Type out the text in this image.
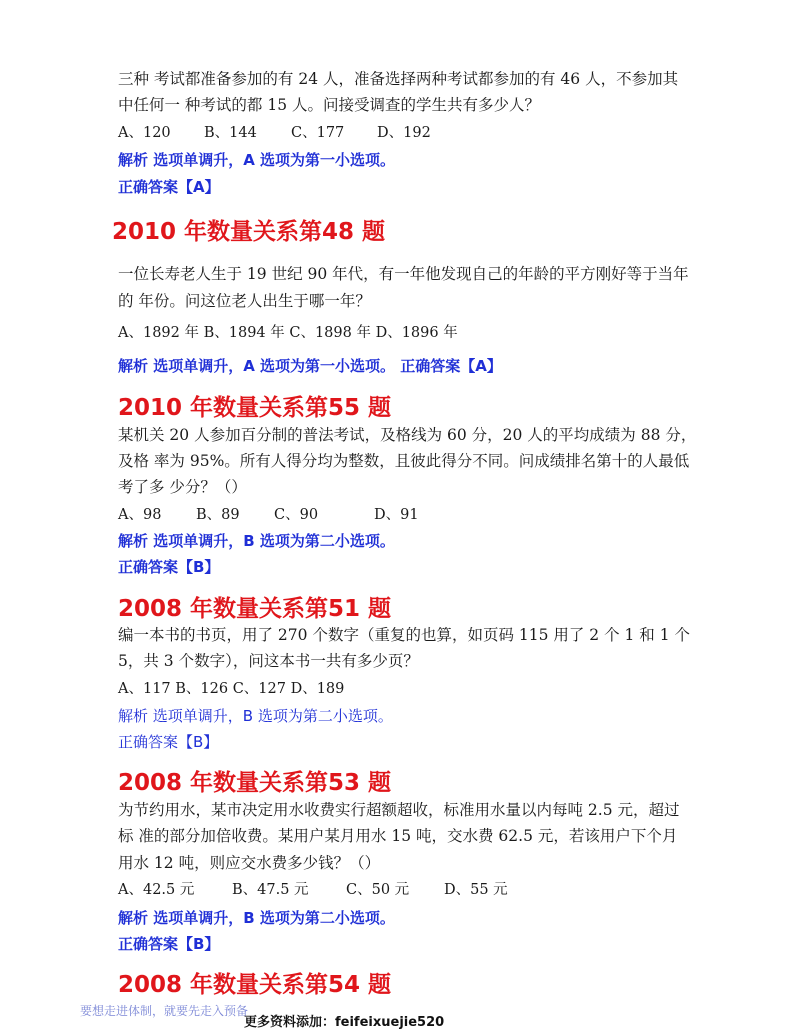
三种 考试都准备参加的有 24 人，准备选择两种考试都参加的有 46 人，不参加其
中任何一 种考试的都 15 人。问接受调查的学生共有多少人？
A、120 B、144 C、177 D、192
解析 选项单调升，A 选项为第一小选项。
正确答案【A】
2010 年数量关系第48 题
一位长寿老人生于 19 世纪 90 年代，有一年他发现自己的年龄的平方刚好等于当年
的 年份。问这位老人出生于哪一年？
A、1892 年 B、1894 年 C、1898 年 D、1896 年
解析 选项单调升，A 选项为第一小选项。 正确答案【A】
2010 年数量关系第55 题
某机关 20 人参加百分制的普法考试，及格线为 60 分，20 人的平均成绩为 88 分，
及格 率为 95%。所有人得分均为整数，且彼此得分不同。问成绩排名第十的人最低
考了多 少分？（）
A、98 B、89 C、90	D、91
解析 选项单调升，B 选项为第二小选项。
正确答案【B】
2008 年数量关系第51 题
编一本书的书页，用了 270 个数字（重复的也算，如页码 115 用了 2 个 1 和 1 个
5，共 3 个数字），问这本书一共有多少页？
A、117 B、126 C、127 D、189
解析 选项单调升，B 选项为第二小选项。
正确答案【B】
2008 年数量关系第53 题
为节约用水，某市决定用水收费实行超额超收，标准用水量以内每吨 2.5 元，超过
标 准的部分加倍收费。某用户某月用水 15 吨，交水费 62.5 元，若该用户下个月
用水 12 吨，则应交水费多少钱？（）
A、42.5 元	B、47.5 元	C、50 元 D、55 元
解析 选项单调升，B 选项为第二小选项。
正确答案【B】
2008 年数量关系第54 题
要想走进体制，就要先走入预备
更多资料添加：feifeixuejie520
